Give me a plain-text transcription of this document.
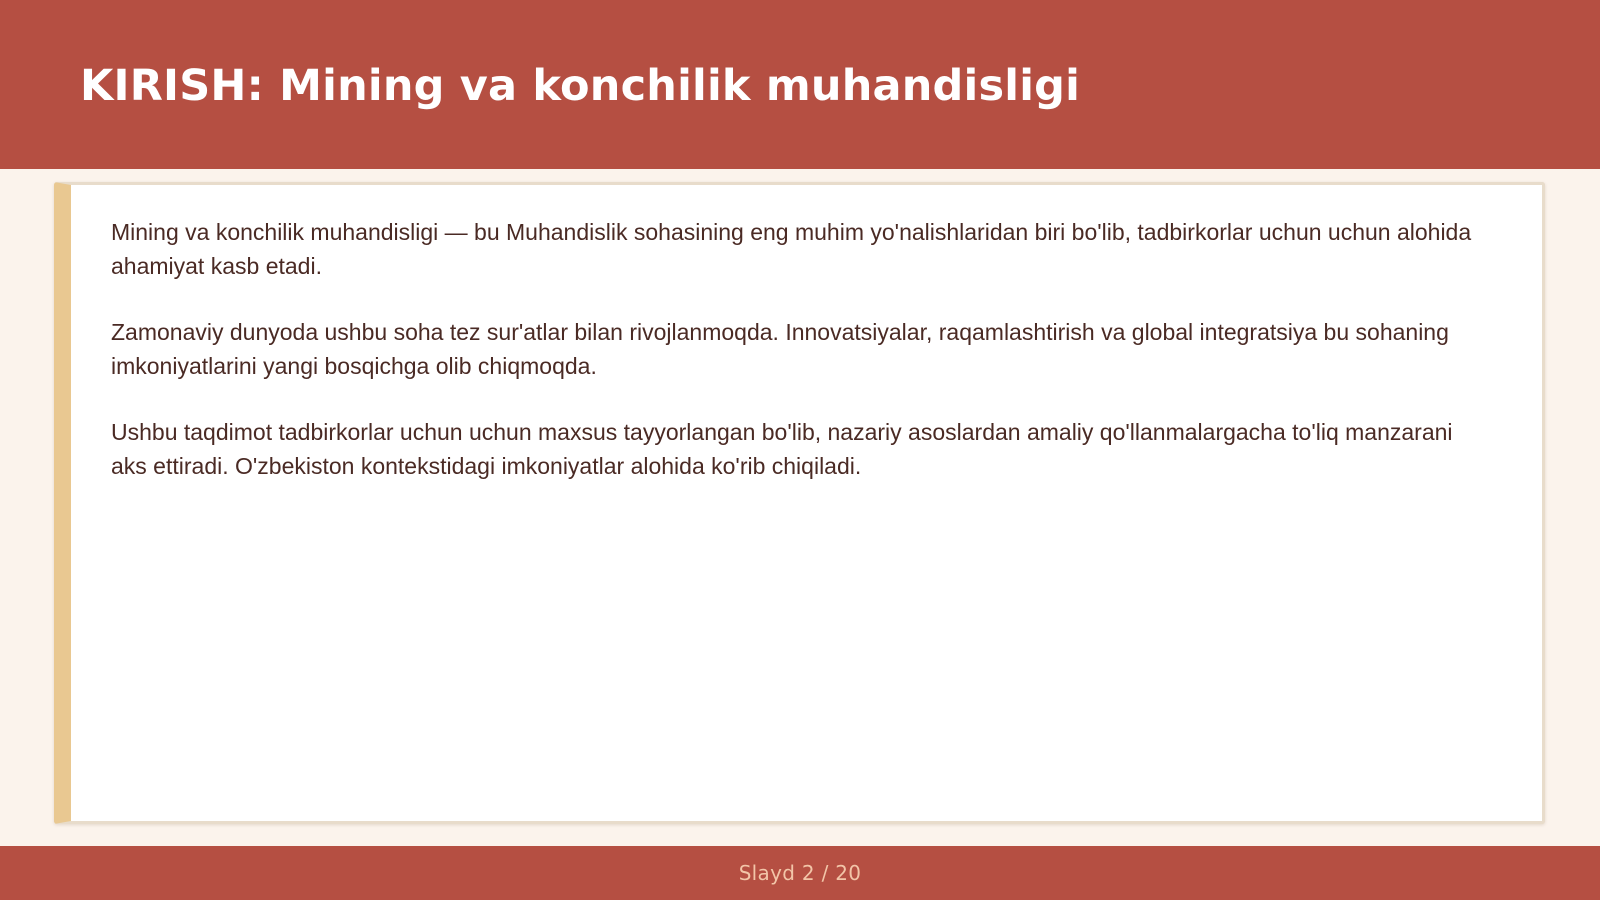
KIRISH: Mining va konchilik muhandisligi

Mining va konchilik muhandisligi — bu Muhandislik sohasining eng muhim yo'nalishlaridan biri bo'lib, tadbirkorlar uchun uchun alohida ahamiyat kasb etadi.

Zamonaviy dunyoda ushbu soha tez sur'atlar bilan rivojlanmoqda. Innovatsiyalar, raqamlashtirish va global integratsiya bu sohaning imkoniyatlarini yangi bosqichga olib chiqmoqda.

Ushbu taqdimot tadbirkorlar uchun uchun maxsus tayyorlangan bo'lib, nazariy asoslardan amaliy qo'llanmalargacha to'liq manzarani aks ettiradi. O'zbekiston kontekstidagi imkoniyatlar alohida ko'rib chiqiladi.

Slayd 2 / 20
